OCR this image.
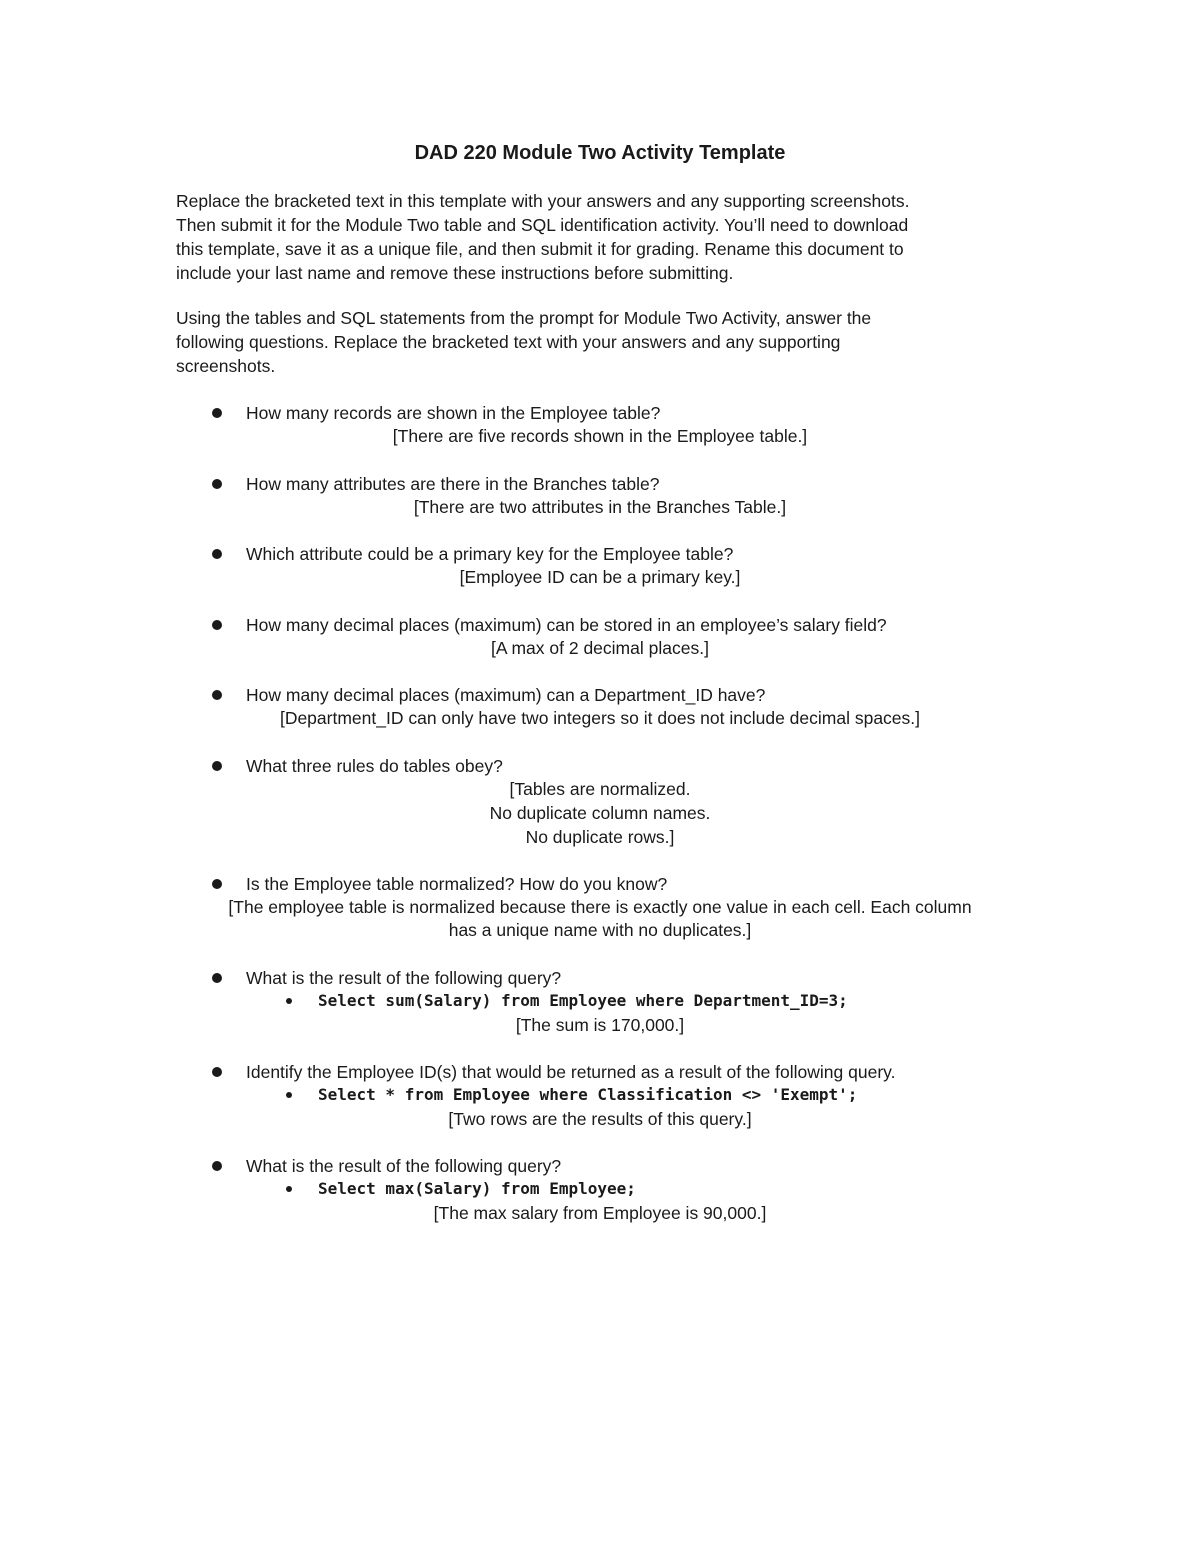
DAD 220 Module Two Activity Template
Replace the bracketed text in this template with your answers and any supporting screenshots.
Then submit it for the Module Two table and SQL identification activity. You’ll need to download
this template, save it as a unique file, and then submit it for grading. Rename this document to
include your last name and remove these instructions before submitting.
Using the tables and SQL statements from the prompt for Module Two Activity, answer the
following questions. Replace the bracketed text with your answers and any supporting
screenshots.
How many records are shown in the Employee table?
[There are five records shown in the Employee table.]
How many attributes are there in the Branches table?
[There are two attributes in the Branches Table.]
Which attribute could be a primary key for the Employee table?
[Employee ID can be a primary key.]
How many decimal places (maximum) can be stored in an employee’s salary field?
[A max of 2 decimal places.]
How many decimal places (maximum) can a Department_ID have?
[Department_ID can only have two integers so it does not include decimal spaces.]
What three rules do tables obey?
[Tables are normalized.
No duplicate column names.
No duplicate rows.]
Is the Employee table normalized? How do you know?
[The employee table is normalized because there is exactly one value in each cell. Each column
has a unique name with no duplicates.]
What is the result of the following query?
Select sum(Salary) from Employee where Department_ID=3;
[The sum is 170,000.]
Identify the Employee ID(s) that would be returned as a result of the following query.
Select * from Employee where Classification <> 'Exempt';
[Two rows are the results of this query.]
What is the result of the following query?
Select max(Salary) from Employee;
[The max salary from Employee is 90,000.]
